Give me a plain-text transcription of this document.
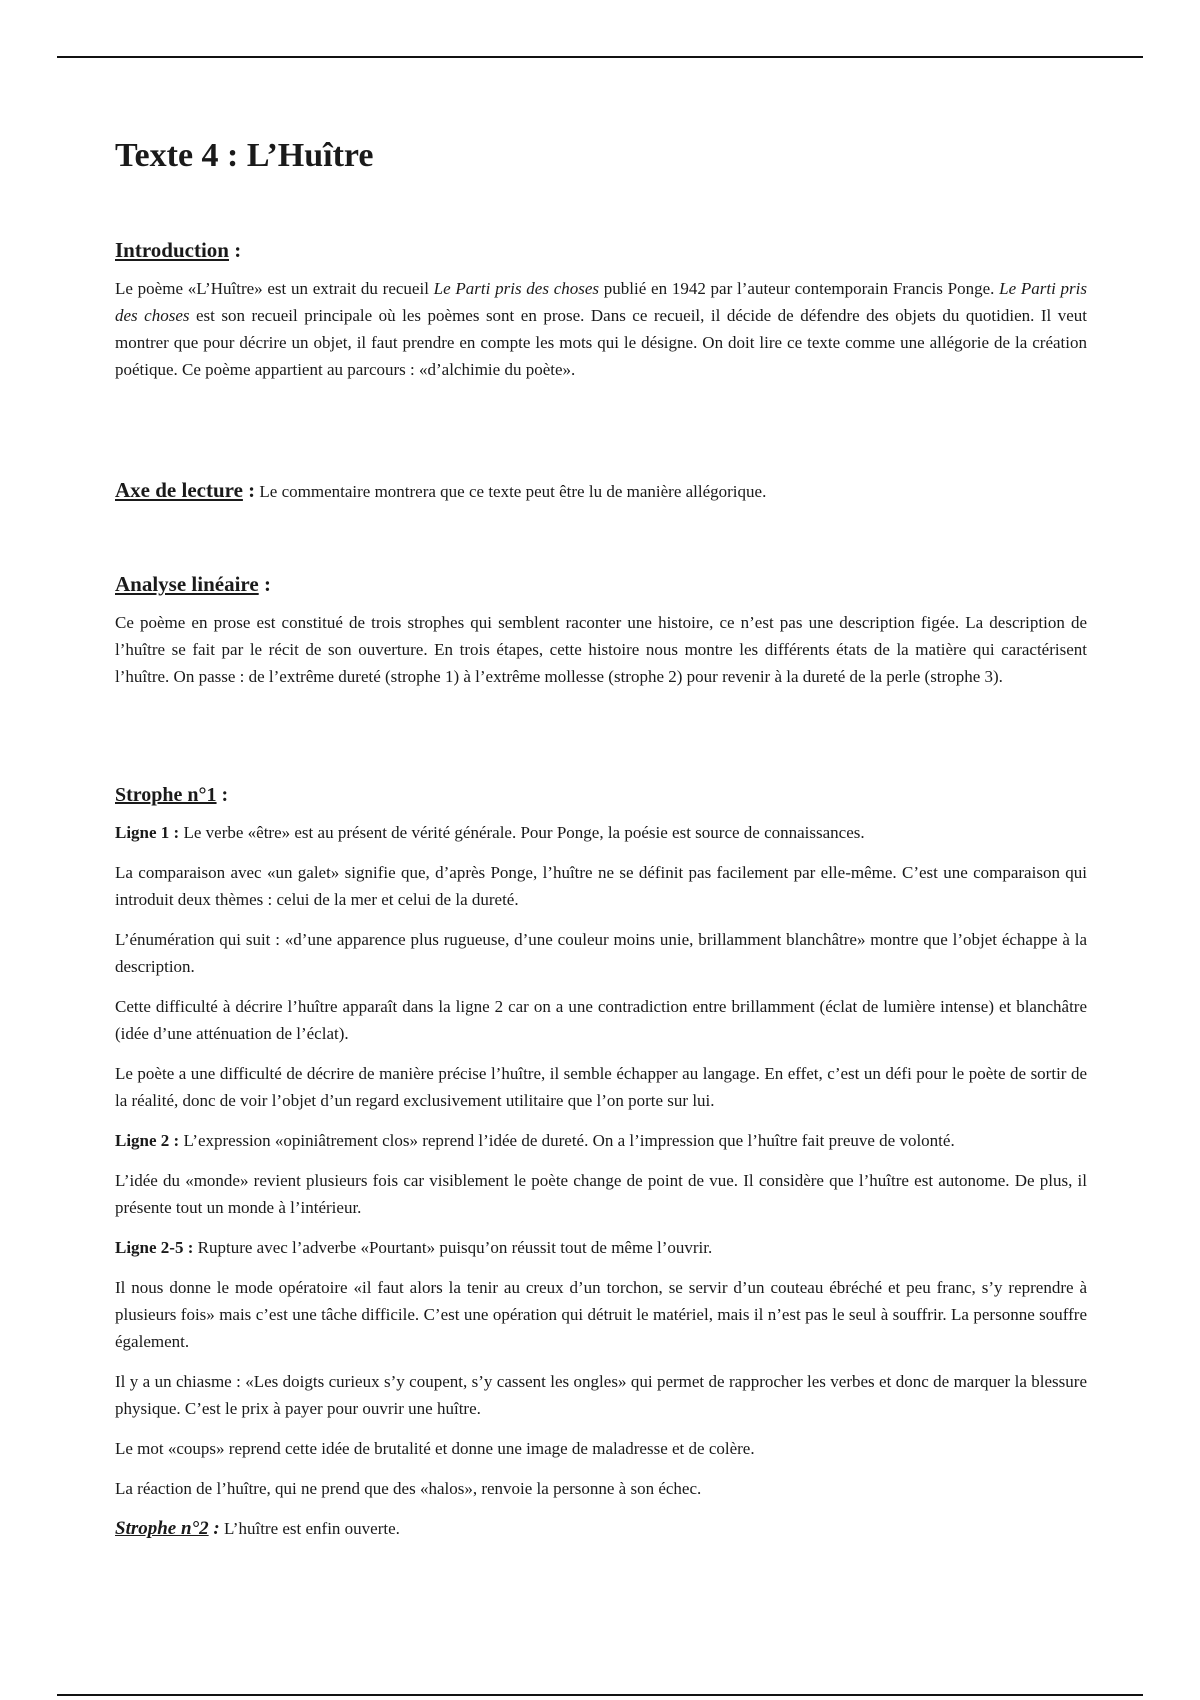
Texte 4 : L’Huître
Introduction :

Le poème «L’Huître» est un extrait du recueil Le Parti pris des choses publié en 1942 par l’auteur contemporain Francis Ponge. Le Parti pris des choses est son recueil principale où les poèmes sont en prose. Dans ce recueil, il décide de défendre des objets du quotidien. Il veut montrer que pour décrire un objet, il faut prendre en compte les mots qui le désigne. On doit lire ce texte comme une allégorie de la création poétique. Ce poème appartient au parcours : «d’alchimie du poète».

Axe de lecture : Le commentaire montrera que ce texte peut être lu de manière allégorique.

Analyse linéaire :

Ce poème en prose est constitué de trois strophes qui semblent raconter une histoire, ce n’est pas une description figée. La description de l’huître se fait par le récit de son ouverture. En trois étapes, cette histoire nous montre les différents états de la matière qui caractérisent l’huître. On passe : de l’extrême dureté (strophe 1) à l’extrême mollesse (strophe 2) pour revenir à la dureté de la perle (strophe 3).

Strophe n°1 :

Ligne 1 : Le verbe «être» est au présent de vérité générale. Pour Ponge, la poésie est source de connaissances.

La comparaison avec «un galet» signifie que, d’après Ponge, l’huître ne se définit pas facilement par elle-même. C’est une comparaison qui introduit deux thèmes : celui de la mer et celui de la dureté.

L’énumération qui suit : «d’une apparence plus rugueuse, d’une couleur moins unie, brillamment blanchâtre» montre que l’objet échappe à la description.

Cette difficulté à décrire l’huître apparaît dans la ligne 2 car on a une contradiction entre brillamment (éclat de lumière intense) et blanchâtre (idée d’une atténuation de l’éclat).

Le poète a une difficulté de décrire de manière précise l’huître, il semble échapper au langage. En effet, c’est un défi pour le poète de sortir de la réalité, donc de voir l’objet d’un regard exclusivement utilitaire que l’on porte sur lui.

Ligne 2 : L’expression «opiniâtrement clos» reprend l’idée de dureté. On a l’impression que l’huître fait preuve de volonté.

L’idée du «monde» revient plusieurs fois car visiblement le poète change de point de vue. Il considère que l’huître est autonome. De plus, il présente tout un monde à l’intérieur.

Ligne 2-5 : Rupture avec l’adverbe «Pourtant» puisqu’on réussit tout de même l’ouvrir.

Il nous donne le mode opératoire «il faut alors la tenir au creux d’un torchon, se servir d’un couteau ébréché et peu franc, s’y reprendre à plusieurs fois» mais c’est une tâche difficile. C’est une opération qui détruit le matériel, mais il n’est pas le seul à souffrir. La personne souffre également.

Il y a un chiasme : «Les doigts curieux s’y coupent, s’y cassent les ongles» qui permet de rapprocher les verbes et donc de marquer la blessure physique. C’est le prix à payer pour ouvrir une huître.

Le mot «coups» reprend cette idée de brutalité et donne une image de maladresse et de colère.

La réaction de l’huître, qui ne prend que des «halos», renvoie la personne à son échec.

Strophe n°2 : L’huître est enfin ouverte.
